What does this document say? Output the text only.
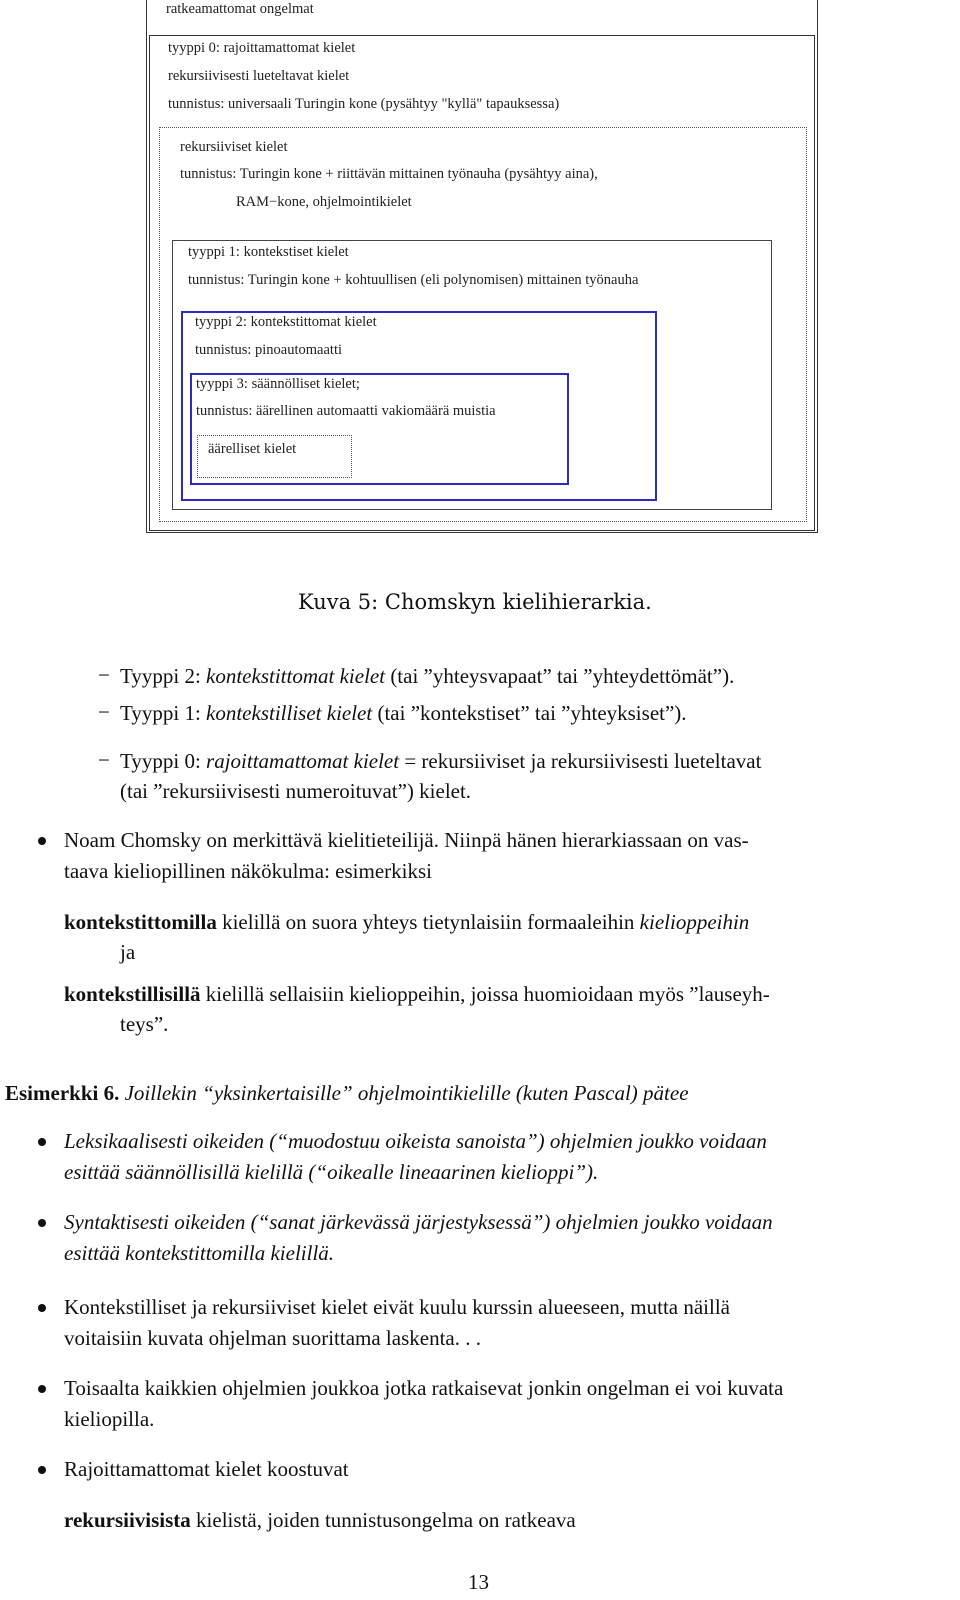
ratkeamattomat ongelmat
tyyppi 0: rajoittamattomat kielet
rekursiivisesti lueteltavat kielet
tunnistus: universaali Turingin kone (pysähtyy "kyllä" tapauksessa)
rekursiiviset kielet
tunnistus: Turingin kone + riittävän mittainen työnauha (pysähtyy aina),
RAM−kone, ohjelmointikielet
tyyppi 1: kontekstiset kielet
tunnistus: Turingin kone + kohtuullisen (eli polynomisen) mittainen työnauha
tyyppi 2: kontekstittomat kielet
tunnistus: pinoautomaatti
tyyppi 3: säännölliset kielet;
tunnistus: äärellinen automaatti vakiomäärä muistia
äärelliset kielet
Kuva 5: Chomskyn kielihierarkia.
− Tyyppi 2: kontekstittomat kielet (tai ”yhteysvapaat” tai ”yhteydettömät”).
− Tyyppi 1: kontekstilliset kielet (tai ”kontekstiset” tai ”yhteyksiset”).
− Tyyppi 0: rajoittamattomat kielet = rekursiiviset ja rekursiivisesti lueteltavat
(tai ”rekursiivisesti numeroituvat”) kielet.
Noam Chomsky on merkittävä kielitieteilijä. Niinpä hänen hierarkiassaan on vas-
taava kieliopillinen näkökulma: esimerkiksi
kontekstittomilla kielillä on suora yhteys tietynlaisiin formaaleihin kielioppeihin
ja
kontekstillisillä kielillä sellaisiin kielioppeihin, joissa huomioidaan myös ”lauseyh-
teys”.
Esimerkki 6. Joillekin “yksinkertaisille” ohjelmointikielille (kuten Pascal) pätee
Leksikaalisesti oikeiden (“muodostuu oikeista sanoista”) ohjelmien joukko voidaan
esittää säännöllisillä kielillä (“oikealle lineaarinen kielioppi”).
Syntaktisesti oikeiden (“sanat järkevässä järjestyksessä”) ohjelmien joukko voidaan
esittää kontekstittomilla kielillä.
Kontekstilliset ja rekursiiviset kielet eivät kuulu kurssin alueeseen, mutta näillä
voitaisiin kuvata ohjelman suorittama laskenta. . .
Toisaalta kaikkien ohjelmien joukkoa jotka ratkaisevat jonkin ongelman ei voi kuvata
kieliopilla.
Rajoittamattomat kielet koostuvat
rekursiivisista kielistä, joiden tunnistusongelma on ratkeava
13
